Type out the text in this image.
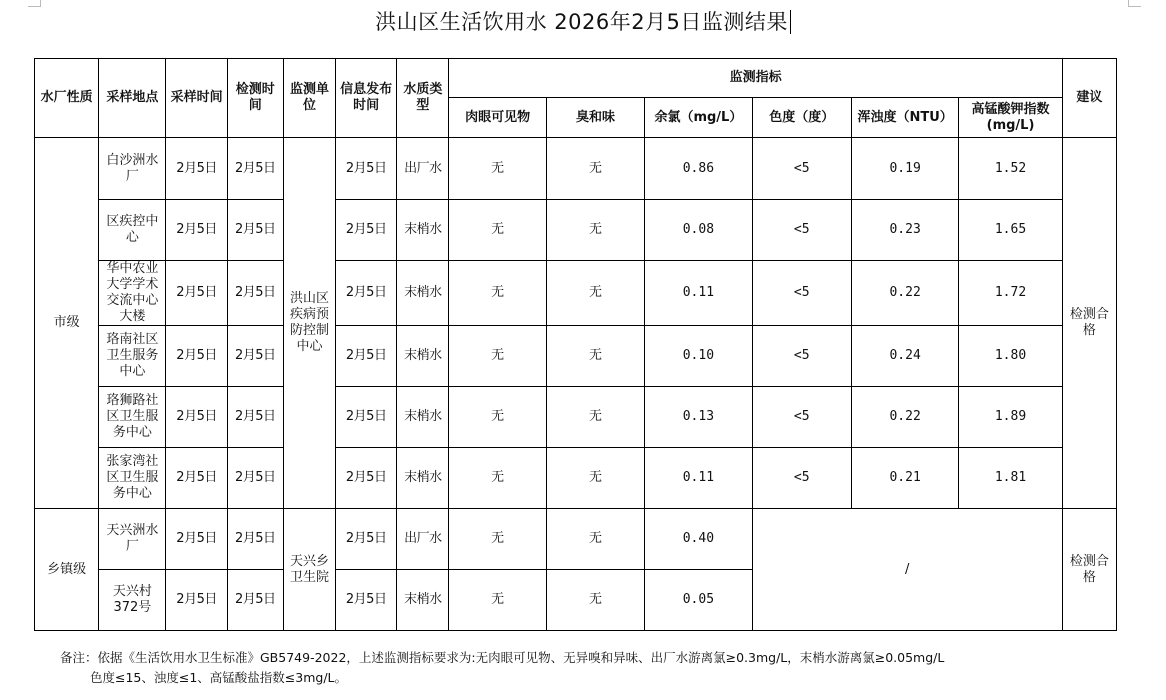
洪山区生活饮用水 2026年2月5日监测结果
水厂性质	采样地点	采样时间	检测时间	监测单位	信息发布时间	水质类型	监测指标						建议
							肉眼可见物	臭和味	余氯（mg/L）	色度（度）	浑浊度（NTU）	高锰酸钾指数(mg/L)	
市级	白沙洲水厂	2月5日	2月5日	洪山区疾病预防控制中心	2月5日	出厂水	无	无	0.86	<5	0.19	1.52	检测合格
	区疾控中心	2月5日	2月5日		2月5日	末梢水	无	无	0.08	<5	0.23	1.65	
	华中农业大学学术交流中心大楼	2月5日	2月5日		2月5日	末梢水	无	无	0.11	<5	0.22	1.72	
	珞南社区卫生服务中心	2月5日	2月5日		2月5日	末梢水	无	无	0.10	<5	0.24	1.80	
	珞狮路社区卫生服务中心	2月5日	2月5日		2月5日	末梢水	无	无	0.13	<5	0.22	1.89	
	张家湾社区卫生服务中心	2月5日	2月5日		2月5日	末梢水	无	无	0.11	<5	0.21	1.81	
乡镇级	天兴洲水厂	2月5日	2月5日	天兴乡卫生院	2月5日	出厂水	无	无	0.40	/			检测合格
	天兴村372号	2月5日	2月5日		2月5日	末梢水	无	无	0.05				
备注：依据《生活饮用水卫生标准》GB5749-2022，上述监测指标要求为:无肉眼可见物、无异嗅和异味、出厂水游离氯≥0.3mg/L，末梢水游离氯≥0.05mg/L
色度≤15、浊度≤1、高锰酸盐指数≤3mg/L。
